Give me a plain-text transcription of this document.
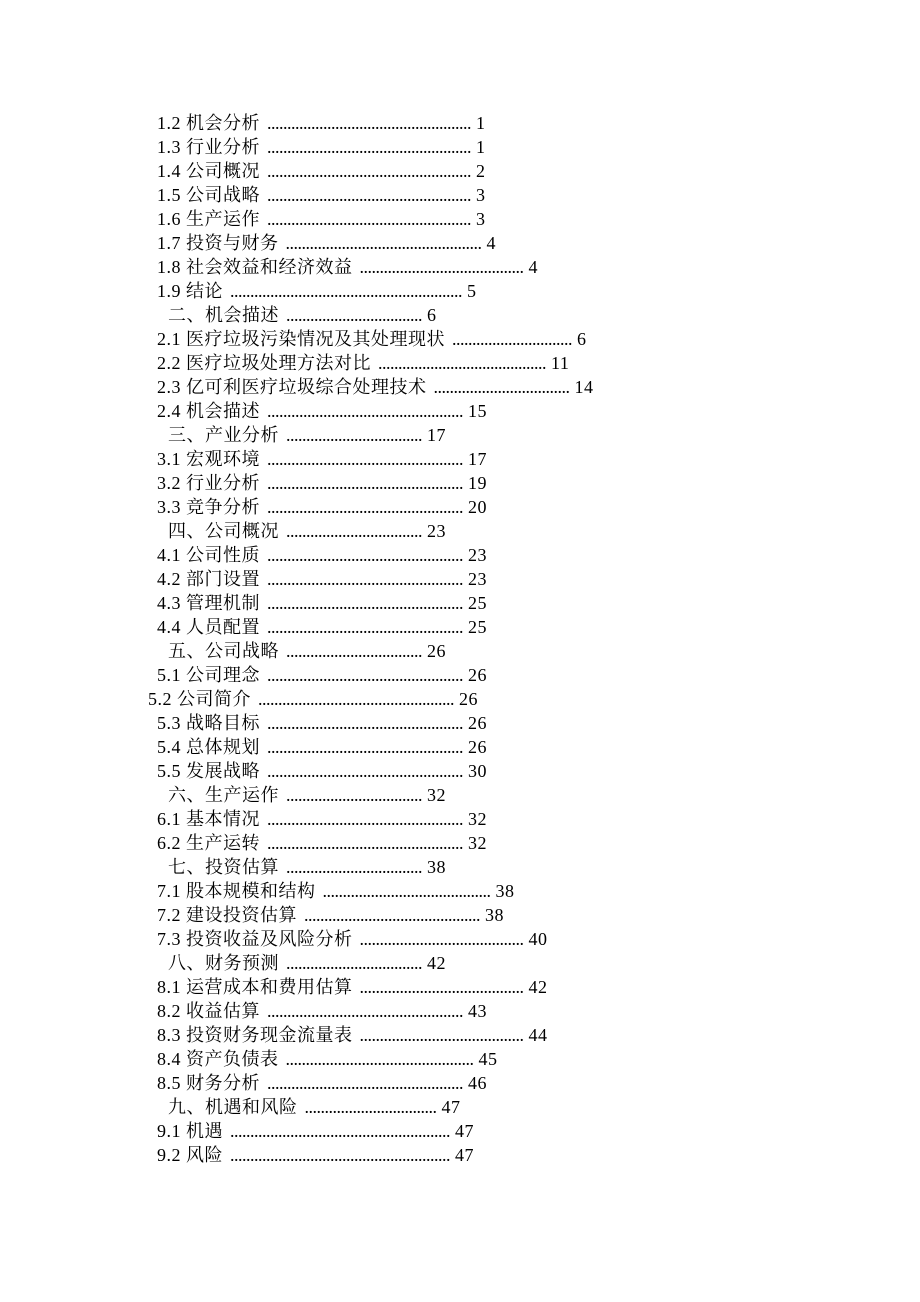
1.2 机会分析 ................................................... 1
1.3 行业分析 ................................................... 1
1.4 公司概况 ................................................... 2
1.5 公司战略 ................................................... 3
1.6 生产运作 ................................................... 3
1.7 投资与财务 ................................................. 4
1.8 社会效益和经济效益 ......................................... 4
1.9 结论 .......................................................... 5
二、机会描述 .................................. 6
2.1 医疗垃圾污染情况及其处理现状 .............................. 6
2.2 医疗垃圾处理方法对比 .......................................... 11
2.3 亿可利医疗垃圾综合处理技术 .................................. 14
2.4 机会描述 ................................................. 15
三、产业分析 .................................. 17
3.1 宏观环境 ................................................. 17
3.2 行业分析 ................................................. 19
3.3 竞争分析 ................................................. 20
四、公司概况 .................................. 23
4.1 公司性质 ................................................. 23
4.2 部门设置 ................................................. 23
4.3 管理机制 ................................................. 25
4.4 人员配置 ................................................. 25
五、公司战略 .................................. 26
5.1 公司理念 ................................................. 26
5.2 公司简介 ................................................. 26
5.3 战略目标 ................................................. 26
5.4 总体规划 ................................................. 26
5.5 发展战略 ................................................. 30
六、生产运作 .................................. 32
6.1 基本情况 ................................................. 32
6.2 生产运转 ................................................. 32
七、投资估算 .................................. 38
7.1 股本规模和结构 .......................................... 38
7.2 建设投资估算 ............................................ 38
7.3 投资收益及风险分析 ......................................... 40
八、财务预测 .................................. 42
8.1 运营成本和费用估算 ......................................... 42
8.2 收益估算 ................................................. 43
8.3 投资财务现金流量表 ......................................... 44
8.4 资产负债表 ............................................... 45
8.5 财务分析 ................................................. 46
九、机遇和风险 ................................. 47
9.1 机遇 ....................................................... 47
9.2 风险 ....................................................... 47
